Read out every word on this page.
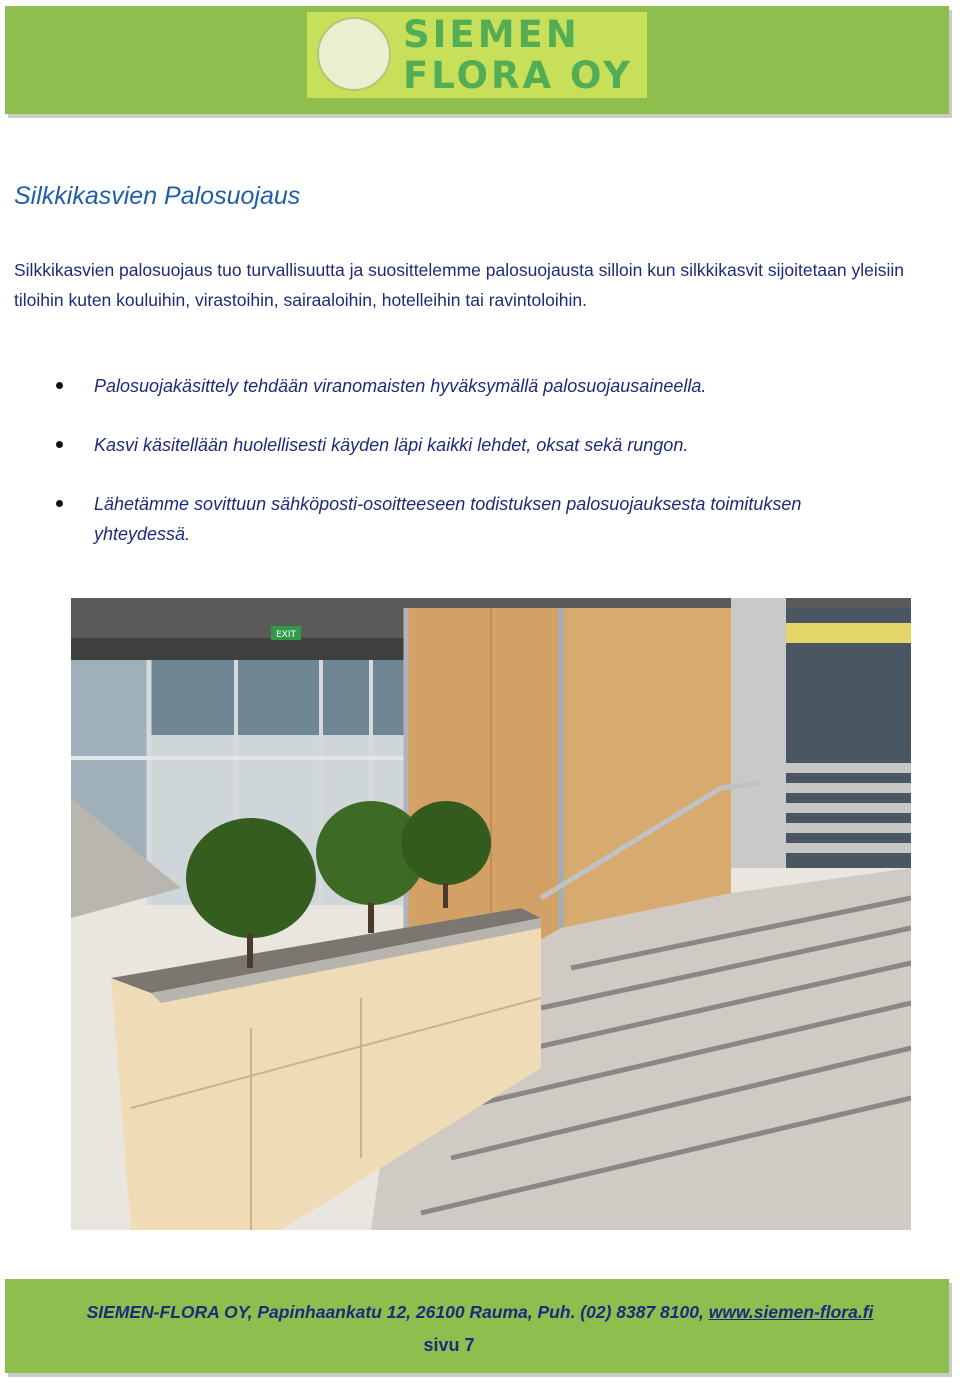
SIEMEN FLORA OY
Silkkikasvien Palosuojaus

Silkkikasvien palosuojaus tuo turvallisuutta ja suosittelemme palosuojausta silloin kun silkkikasvit sijoitetaan yleisiin tiloihin kuten kouluihin, virastoihin, sairaaloihin, hotelleihin tai ravintoloihin.

Palosuojakäsittely tehdään viranomaisten hyväksymällä palosuojausaineella.
Kasvi käsitellään huolellisesti käyden läpi kaikki lehdet, oksat sekä rungon.
Lähetämme sovittuun sähköposti-osoitteeseen todistuksen palosuojauksesta toimituksen yhteydessä.
EXIT
SIEMEN-FLORA OY, Papinhaankatu 12, 26100 Rauma, Puh. (02) 8387 8100, www.siemen-flora.fi
sivu 7
